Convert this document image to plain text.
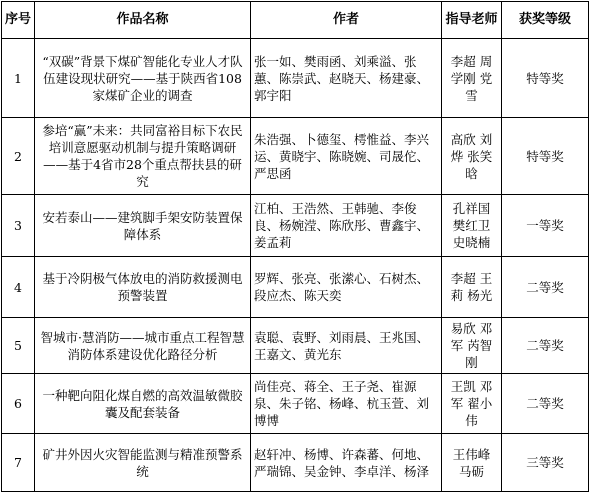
序号	作品名称	作者	指导老师	获奖等级
1	“双碳”背景下煤矿智能化专业人才队伍建设现状研究——基于陕西省108家煤矿企业的调查	张一如、樊雨函、刘乘溢、张蕙、陈崇武、赵晓天、杨建豪、郭宇阳	李超 周学刚 党雪	特等奖
2	参培“赢”未来：共同富裕目标下农民培训意愿驱动机制与提升策略调研——基于4省市28个重点帮扶县的研究	朱浩强、卜德玺、樗惟益、李兴运、黄晓宇、陈晓婉、司晟佗、严思函	高欣 刘烨 张笑晗	特等奖
3	安若泰山——建筑脚手架安防装置保障体系	江柏、王浩然、王韩驰、李俊良、杨婉滢、陈欣彤、曹鑫宇、姜孟莉	孔祥国 樊红卫 史晓楠	一等奖
4	基于冷阴极气体放电的消防救援测电预警装置	罗辉、张亮、张潆心、石树杰、段应杰、陈天奕	李超 王莉 杨光	二等奖
5	智城市·慧消防——城市重点工程智慧消防体系建设优化路径分析	袁聪、袁野、刘雨晨、王兆国、王嘉文、黄光东	易欣 邓军 芮智刚	二等奖
6	一种靶向阻化煤自燃的高效温敏微胶囊及配套装备	尚佳亮、蒋全、王子尧、崔源泉、朱子铭、杨峰、杭玉萱、刘博博	王凯 邓军 翟小伟	二等奖
7	矿井外因火灾智能监测与精准预警系统	赵轩冲、杨博、许森蕃、何地、严瑞锦、吴金钟、李卓洋、杨泽	王伟峰 马砺	三等奖
